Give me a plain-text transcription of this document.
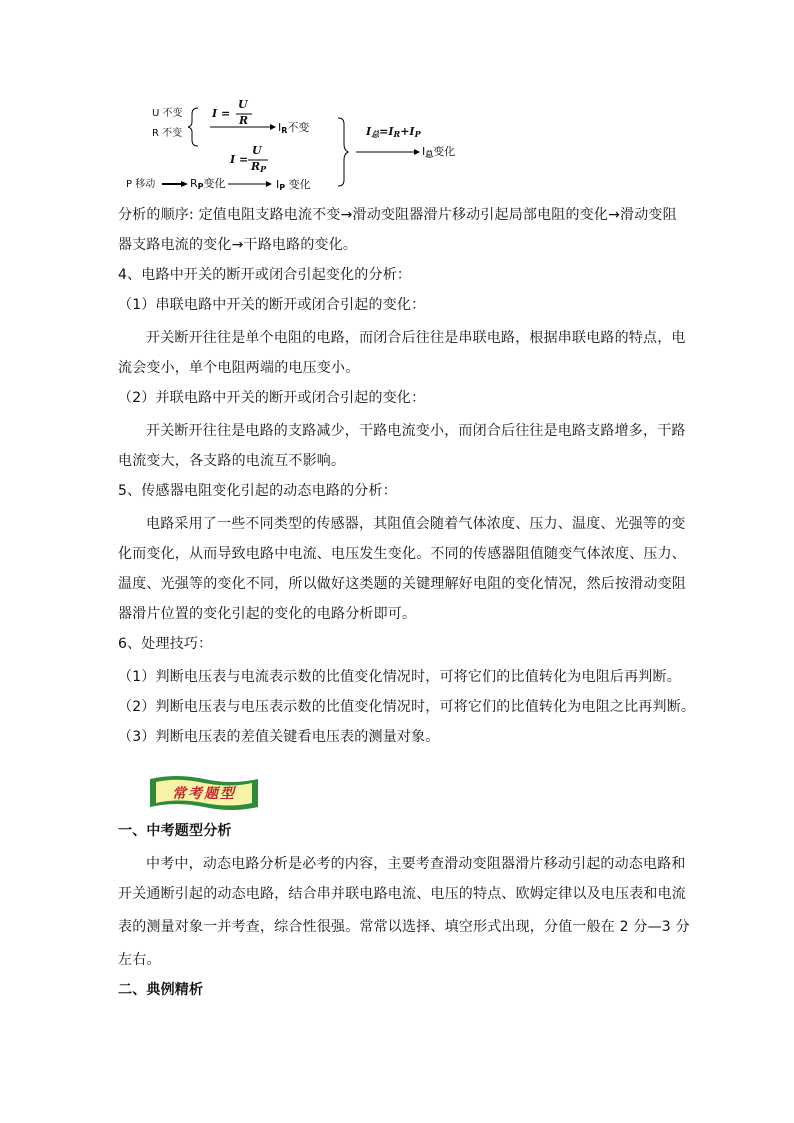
U 不变
R 不变
I =
U
R
IR不变
I =
U
RP
P 移动	RP变化	IP 变化
I总=IR+IP
I总变化
分析的顺序: 定值电阻支路电流不变→滑动变阻器滑片移动引起局部电阻的变化→滑动变阻
器支路电流的变化→干路电路的变化。
4、电路中开关的断开或闭合引起变化的分析：
（1）串联电路中开关的断开或闭合引起的变化：
开关断开往往是单个电阻的电路，而闭合后往往是串联电路，根据串联电路的特点，电
流会变小，单个电阻两端的电压变小。
（2）并联电路中开关的断开或闭合引起的变化：
开关断开往往是电路的支路减少，干路电流变小，而闭合后往往是电路支路增多，干路
电流变大，各支路的电流互不影响。
5、传感器电阻变化引起的动态电路的分析：
电路采用了一些不同类型的传感器，其阻值会随着气体浓度、压力、温度、光强等的变
化而变化，从而导致电路中电流、电压发生变化。不同的传感器阻值随变气体浓度、压力、
温度、光强等的变化不同，所以做好这类题的关键理解好电阻的变化情况，然后按滑动变阻
器滑片位置的变化引起的变化的电路分析即可。
6、处理技巧：
（1）判断电压表与电流表示数的比值变化情况时，可将它们的比值转化为电阻后再判断。
（2）判断电压表与电压表示数的比值变化情况时，可将它们的比值转化为电阻之比再判断。
（3）判断电压表的差值关键看电压表的测量对象。
一、中考题型分析
中考中，动态电路分析是必考的内容，主要考查滑动变阻器滑片移动引起的动态电路和
开关通断引起的动态电路，结合串并联电路电流、电压的特点、欧姆定律以及电压表和电流
表的测量对象一并考查，综合性很强。常常以选择、填空形式出现，分值一般在 2 分—3 分
左右。
二、典例精析
常考题型
